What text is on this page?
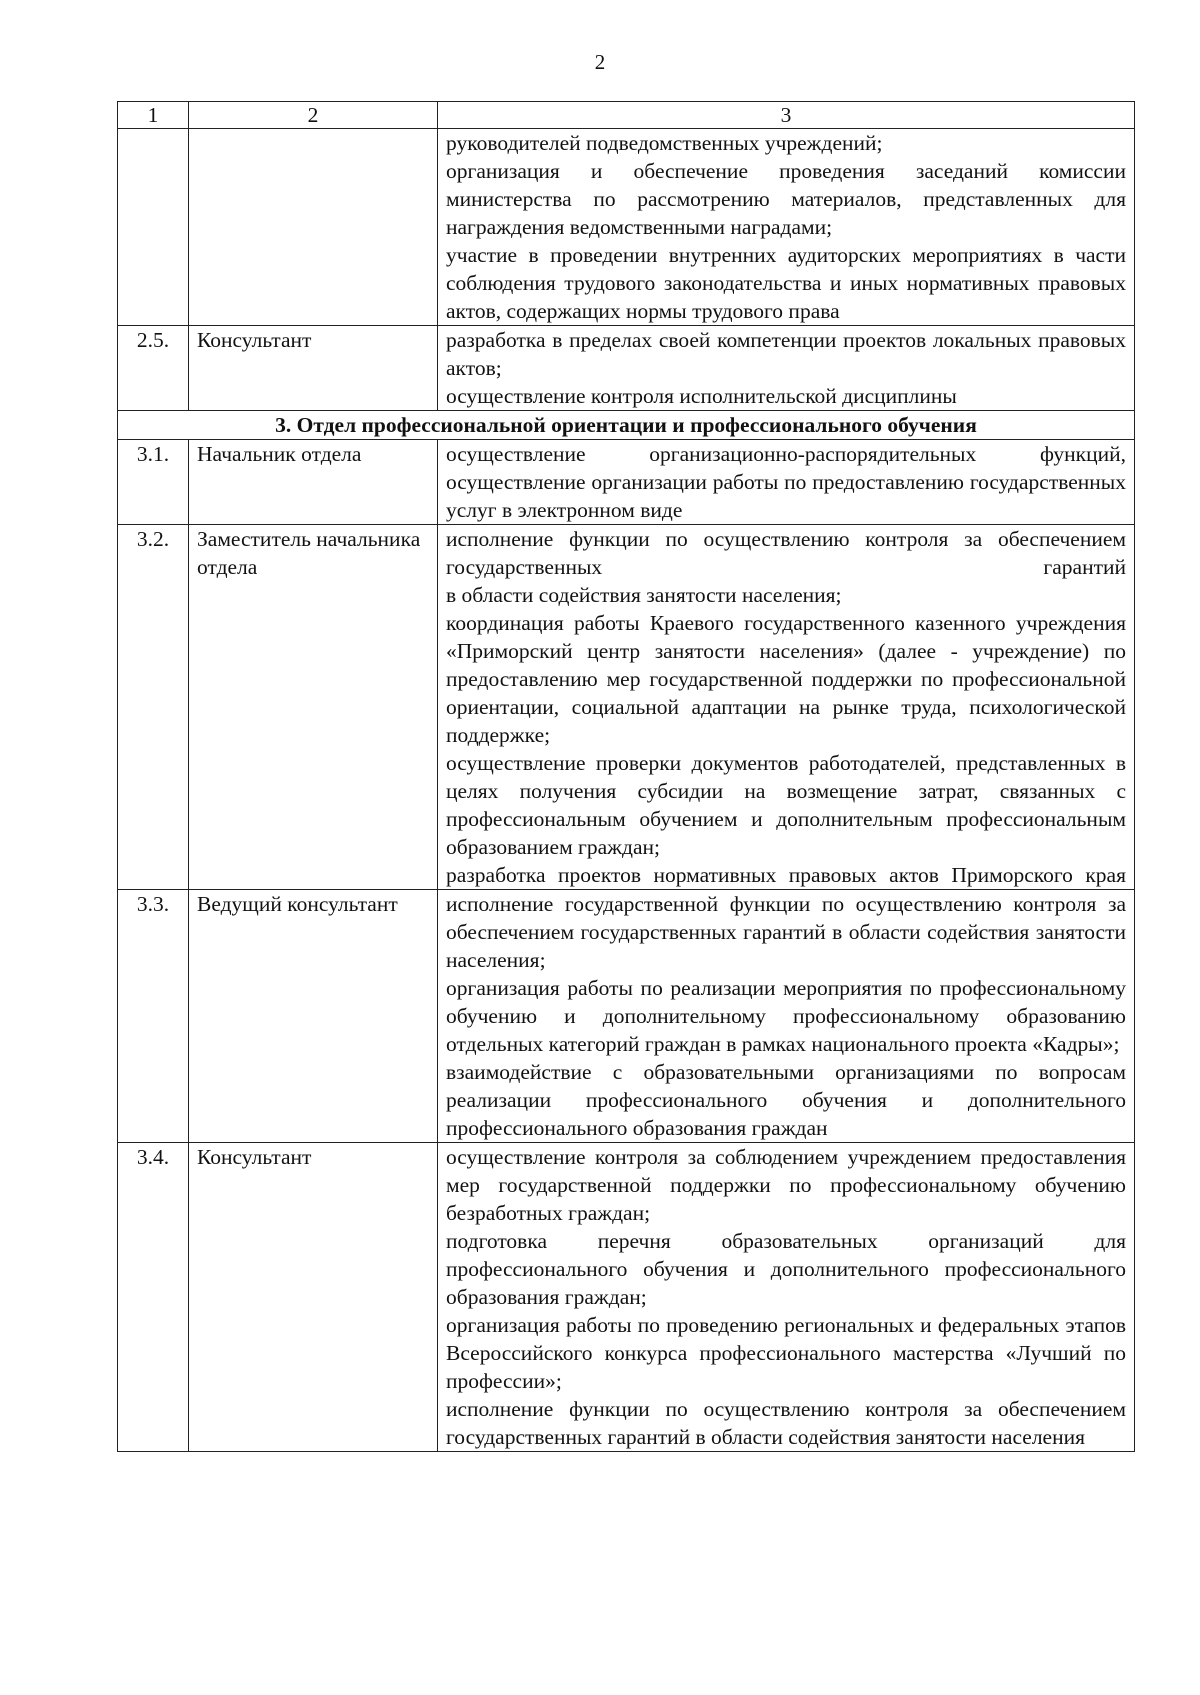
2
1	2	3

		руководителей подведомственных учреждений;
организация и обеспечение проведения заседаний комиссии министерства по рассмотрению материалов, представленных для награждения ведомственными наградами;
участие в проведении внутренних аудиторских мероприятиях в части соблюдения трудового законодательства и иных нормативных правовых актов, содержащих нормы трудового права

2.5.	Консультант	разработка в пределах своей компетенции проектов локальных правовых актов;
осуществление контроля исполнительской дисциплины

3. Отдел профессиональной ориентации и профессионального обучения		
3.1.	Начальник отдела	осуществление организационно-распорядительных функций, осуществление организации работы по предоставлению государственных услуг в электронном виде

3.2.	Заместитель начальника отдела	исполнение функции по осуществлению контроля за обеспечением государственных гарантий
в области содействия занятости населения;
координация работы Краевого государственного казенного учреждения «Приморский центр занятости населения» (далее - учреждение) по предоставлению мер государственной поддержки по профессиональной ориентации, социальной адаптации на рынке труда, психологической поддержке;
осуществление проверки документов работодателей, представленных в целях получения субсидии на возмещение затрат, связанных с профессиональным обучением и дополнительным профессиональным образованием граждан;
разработка проектов нормативных правовых актов Приморского края

3.3.	Ведущий консультант	исполнение государственной функции по осуществлению контроля за обеспечением государственных гарантий в области содействия занятости населения;
организация работы по реализации мероприятия по профессиональному обучению и дополнительному профессиональному образованию отдельных категорий граждан в рамках национального проекта «Кадры»;
взаимодействие с образовательными организациями по вопросам реализации профессионального обучения и дополнительного профессионального образования граждан

3.4.	Консультант	осуществление контроля за соблюдением учреждением предоставления мер государственной поддержки по профессиональному обучению безработных граждан;
подготовка перечня образовательных организаций для профессионального обучения и дополнительного профессионального образования граждан;
организация работы по проведению региональных и федеральных этапов Всероссийского конкурса профессионального мастерства «Лучший по профессии»;
исполнение функции по осуществлению контроля за обеспечением государственных гарантий в области содействия занятости населения
